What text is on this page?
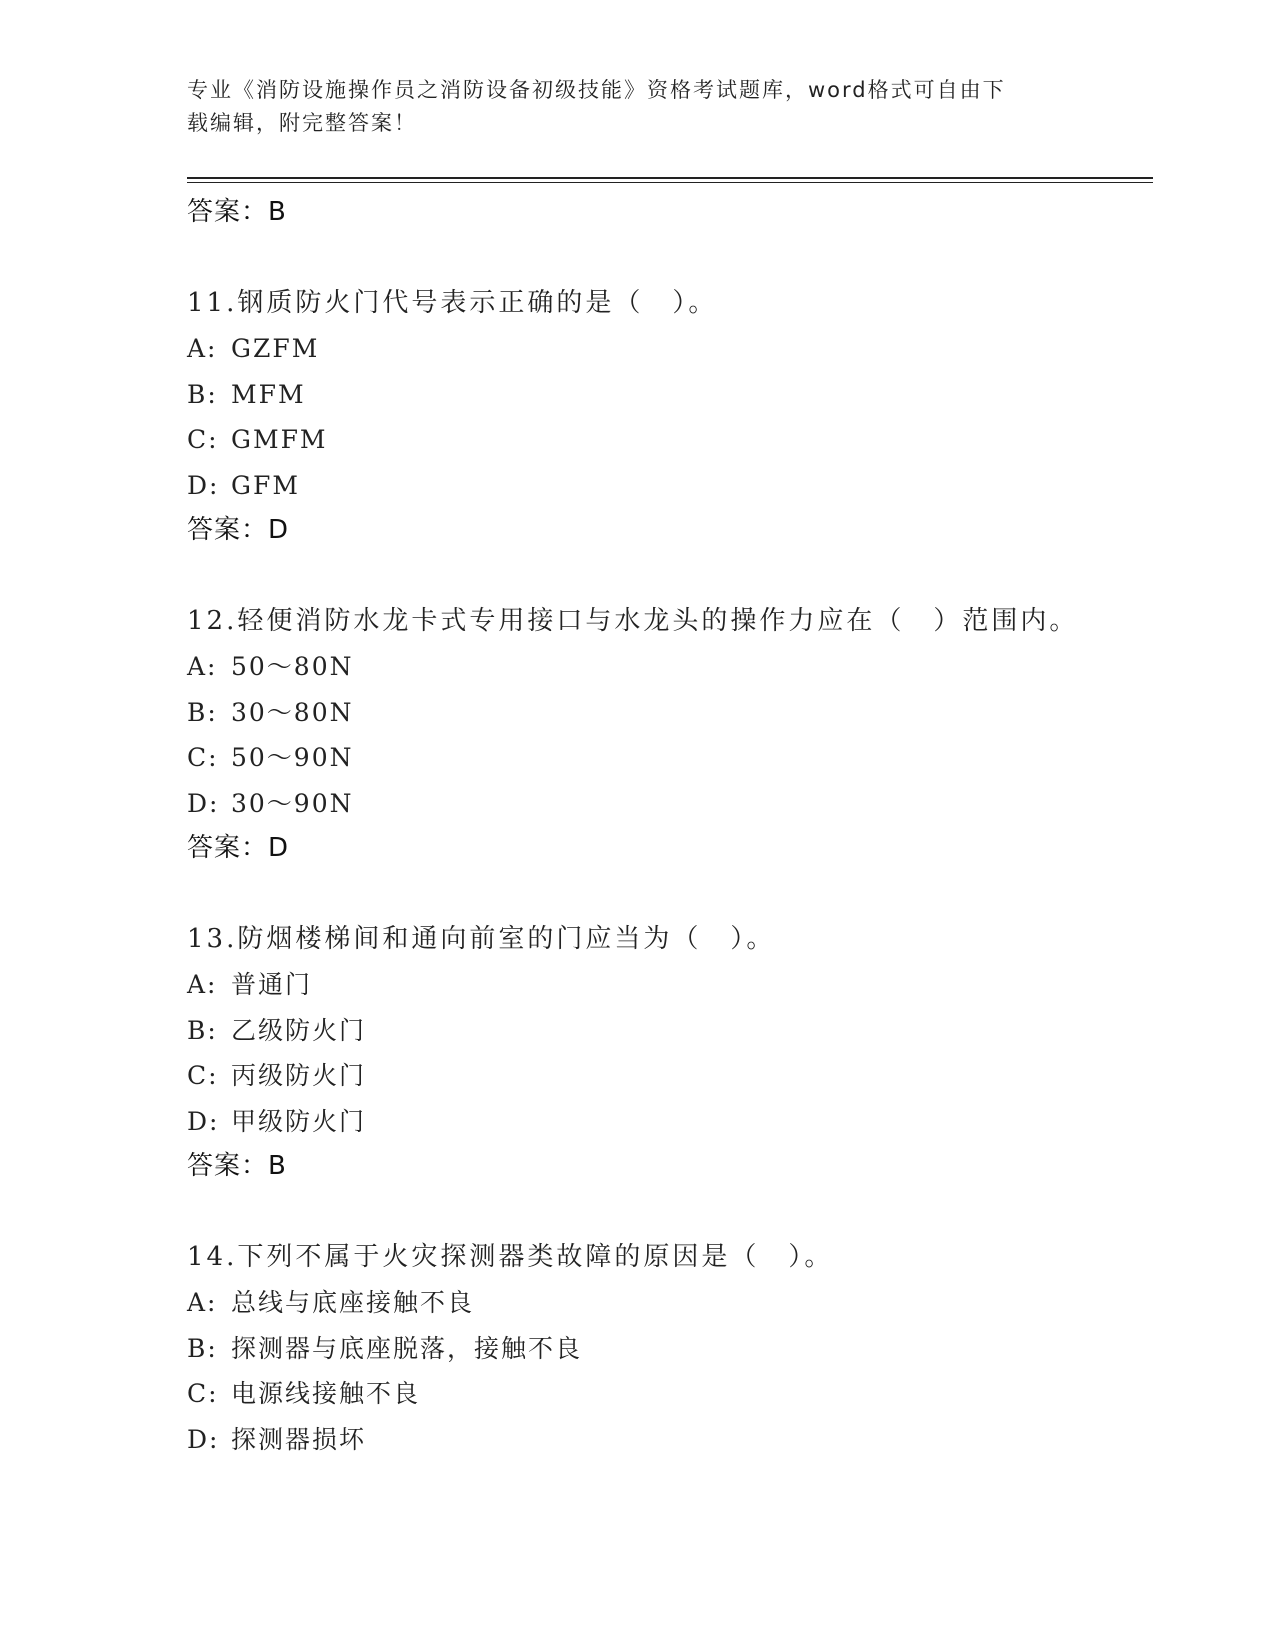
专业《消防设施操作员之消防设备初级技能》资格考试题库，word格式可自由下
载编辑，附完整答案！
答案：B
11.钢质防火门代号表示正确的是（　）。
A: GZFM
B: MFM
C: GMFM
D: GFM
答案：D
12.轻便消防水龙卡式专用接口与水龙头的操作力应在（　）范围内。
A: 50～80N
B: 30～80N
C: 50～90N
D: 30～90N
答案：D
13.防烟楼梯间和通向前室的门应当为（　）。
A: 普通门
B: 乙级防火门
C: 丙级防火门
D: 甲级防火门
答案：B
14.下列不属于火灾探测器类故障的原因是（　）。
A: 总线与底座接触不良
B: 探测器与底座脱落，接触不良
C: 电源线接触不良
D: 探测器损坏
